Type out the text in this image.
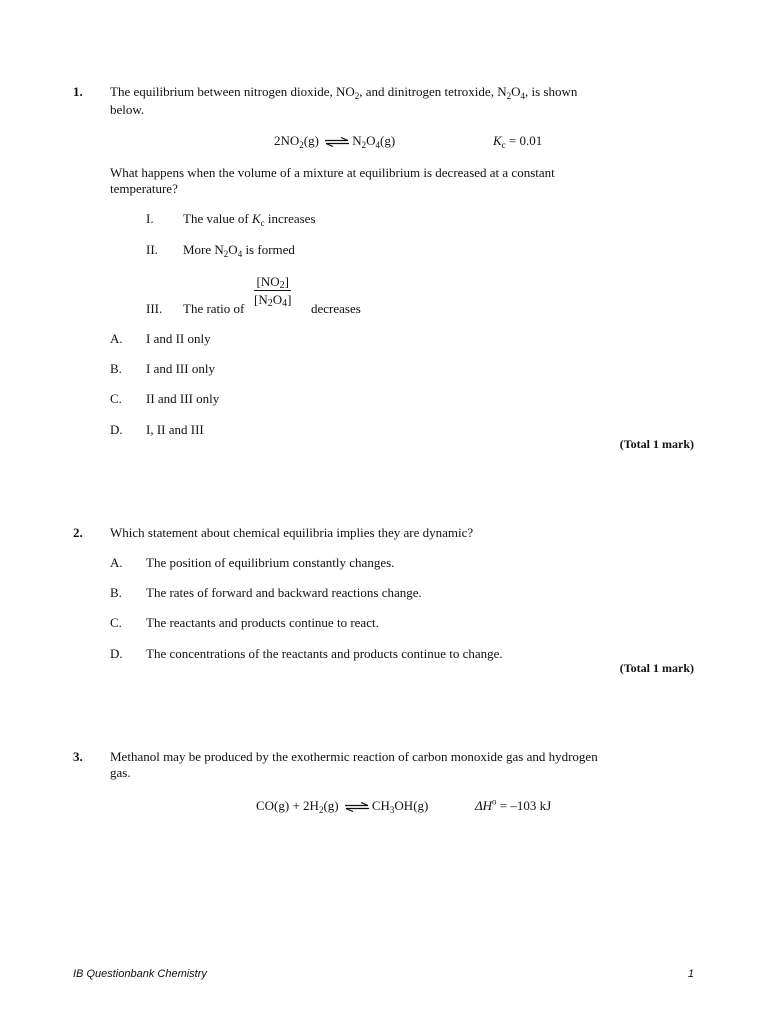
1. The equilibrium between nitrogen dioxide, $NO_2$, and dinitrogen tetroxide, $N_2O_4$, is shown
below.
$2NO_2(g)$ ⇌ $N_2O_4(g)$	$K_c = 0.01$
What happens when the volume of a mixture at equilibrium is decreased at a constant
temperature?
I. The value of $K_c$ increases
II. More $N_2O_4$ is formed
III. The ratio of
$\frac{[NO2]}{[N2O4]}$
decreases
A. I and II only
B. I and III only
C. II and III only
D. I, II and III
(Total 1 mark)
2. Which statement about chemical equilibria implies they are dynamic?
A. The position of equilibrium constantly changes.
B. The rates of forward and backward reactions change.
C. The reactants and products continue to react.
D. The concentrations of the reactants and products continue to change.
(Total 1 mark)
3. Methanol may be produced by the exothermic reaction of carbon monoxide gas and hydrogen
gas.
$CO(g) + 2H_2(g)$ ⇌ $CH_3OH(g)$	$\Delta H^o = -103$ kJ
IB Questionbank Chemistry	1
